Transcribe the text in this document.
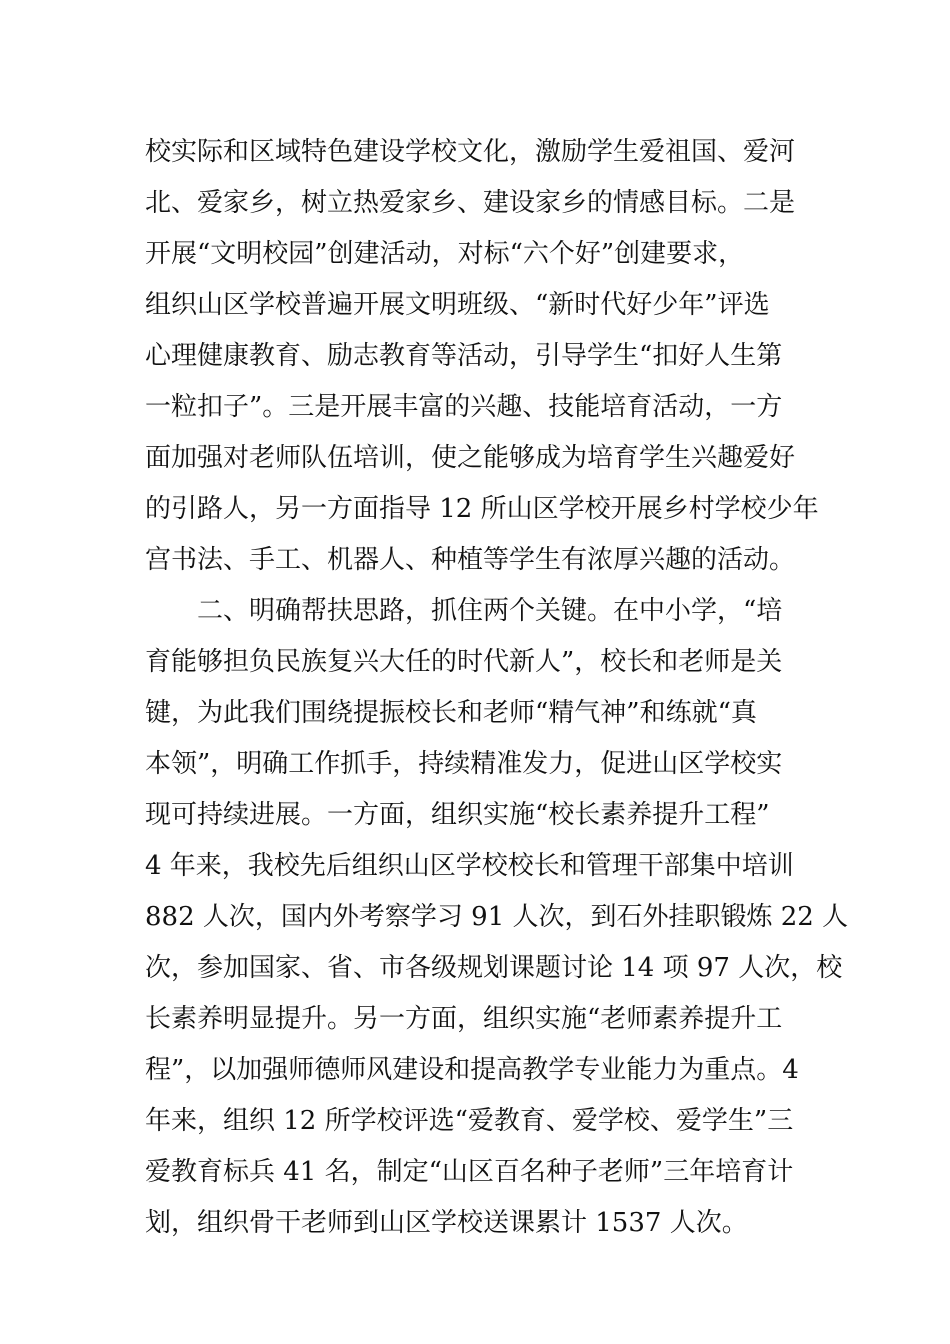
校实际和区域特色建设学校文化，激励学生爱祖国、爱河
北、爱家乡，树立热爱家乡、建设家乡的情感目标。二是
开展“文明校园”创建活动，对标“六个好”创建要求，
组织山区学校普遍开展文明班级、“新时代好少年”评选
心理健康教育、励志教育等活动，引导学生“扣好人生第
一粒扣子”。三是开展丰富的兴趣、技能培育活动，一方
面加强对老师队伍培训，使之能够成为培育学生兴趣爱好
的引路人，另一方面指导 12 所山区学校开展乡村学校少年
宫书法、手工、机器人、种植等学生有浓厚兴趣的活动。
二、明确帮扶思路，抓住两个关键。在中小学，“培
育能够担负民族复兴大任的时代新人”，校长和老师是关
键，为此我们围绕提振校长和老师“精气神”和练就“真
本领”，明确工作抓手，持续精准发力，促进山区学校实
现可持续进展。一方面，组织实施“校长素养提升工程”
4 年来，我校先后组织山区学校校长和管理干部集中培训
882 人次，国内外考察学习 91 人次，到石外挂职锻炼 22 人
次，参加国家、省、市各级规划课题讨论 14 项 97 人次，校
长素养明显提升。另一方面，组织实施“老师素养提升工
程”，以加强师德师风建设和提高教学专业能力为重点。4
年来，组织 12 所学校评选“爱教育、爱学校、爱学生”三
爱教育标兵 41 名，制定“山区百名种子老师”三年培育计
划，组织骨干老师到山区学校送课累计 1537 人次。
